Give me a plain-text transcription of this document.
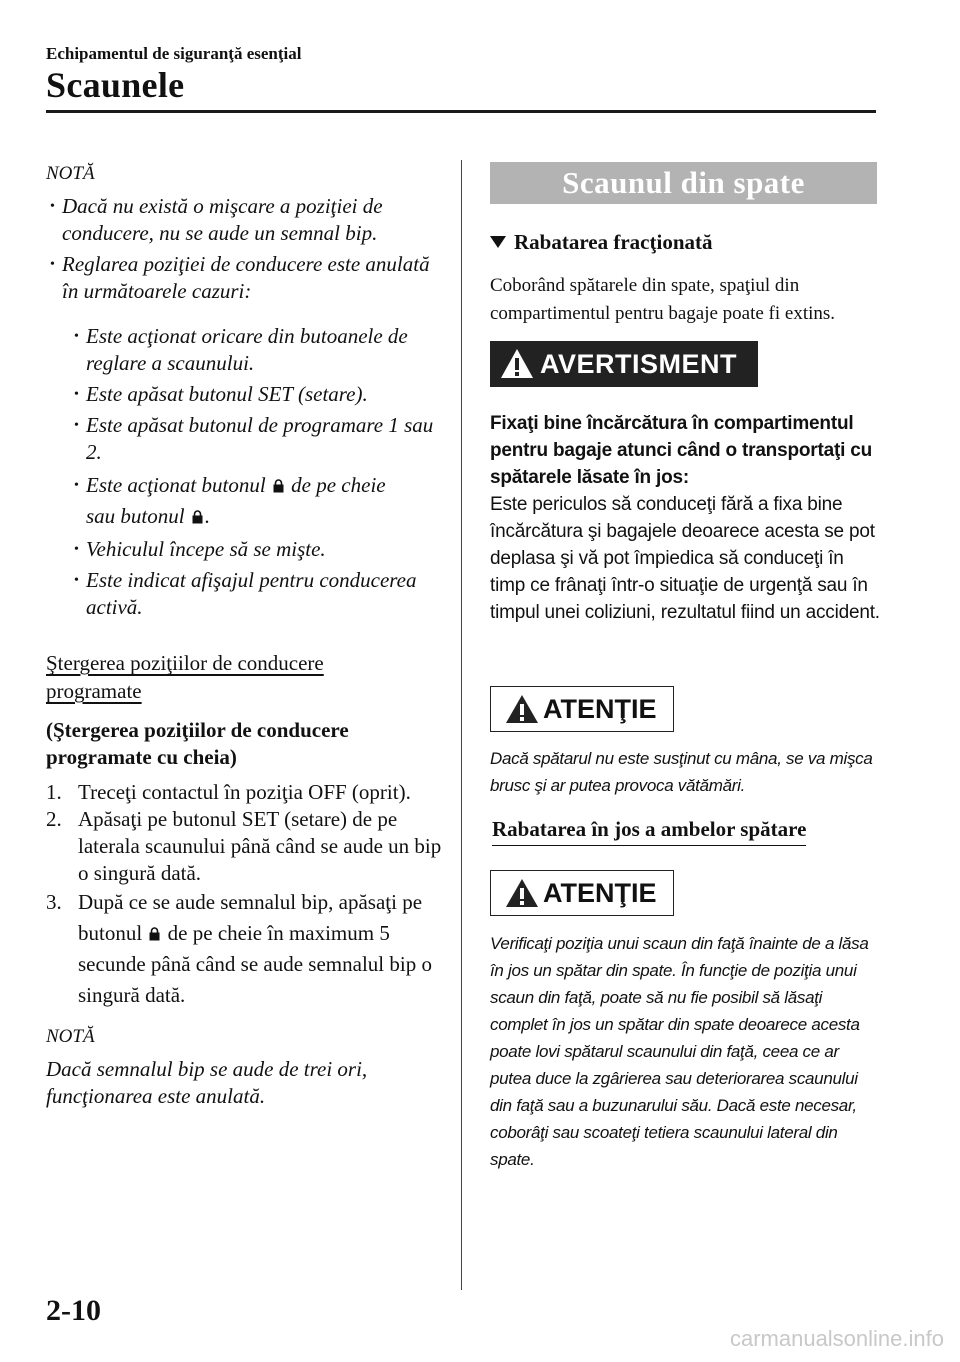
Echipamentul de siguranţă esenţial
Scaunele
NOTĂ
• Dacă nu există o mişcare a poziţiei de conducere, nu se aude un semnal bip.
• Reglarea poziţiei de conducere este anulată în următoarele cazuri:
• Este acţionat oricare din butoanele de reglare a scaunului.
• Este apăsat butonul SET (setare).
• Este apăsat butonul de programare 1 sau 2.
• Este acţionat butonul de pe cheie
sau butonul .
• Vehiculul începe să se mişte.
• Este indicat afişajul pentru conducerea activă.
Ştergerea poziţiilor de conducere
programate
(Ştergerea poziţiilor de conducere
programate cu cheia)
1. Treceţi contactul în poziţia OFF (oprit).
2. Apăsaţi pe butonul SET (setare) de pe laterala scaunului până când se aude un bip o singură dată.
3. După ce se aude semnalul bip, apăsaţi pe butonul de pe cheie în maximum 5 secunde până când se aude semnalul bip o singură dată.
NOTĂ
Dacă semnalul bip se aude de trei ori, funcţionarea este anulată.
Scaunul din spate
Rabatarea fracţionată
Coborând spătarele din spate, spaţiul din compartimentul pentru bagaje poate fi extins.
AVERTISMENT
Fixaţi bine încărcătura în compartimentul pentru bagaje atunci când o transportaţi cu spătarele lăsate în jos:
Este periculos să conduceţi fără a fixa bine încărcătura şi bagajele deoarece acesta se pot deplasa şi vă pot împiedica să conduceţi în timp ce frânaţi într-o situaţie de urgenţă sau în timpul unei coliziuni, rezultatul fiind un accident.
ATENŢIE
Dacă spătarul nu este susţinut cu mâna, se va mişca brusc şi ar putea provoca vătămări.
Rabatarea în jos a ambelor spătare
ATENŢIE
Verificaţi poziţia unui scaun din faţă înainte de a lăsa în jos un spătar din spate. În funcţie de poziţia unui scaun din faţă, poate să nu fie posibil să lăsaţi complet în jos un spătar din spate deoarece acesta poate lovi spătarul scaunului din faţă, ceea ce ar putea duce la zgârierea sau deteriorarea scaunului din faţă sau a buzunarului său. Dacă este necesar, coborâţi sau scoateţi tetiera scaunului lateral din spate.
2-10
carmanualsonline.info
